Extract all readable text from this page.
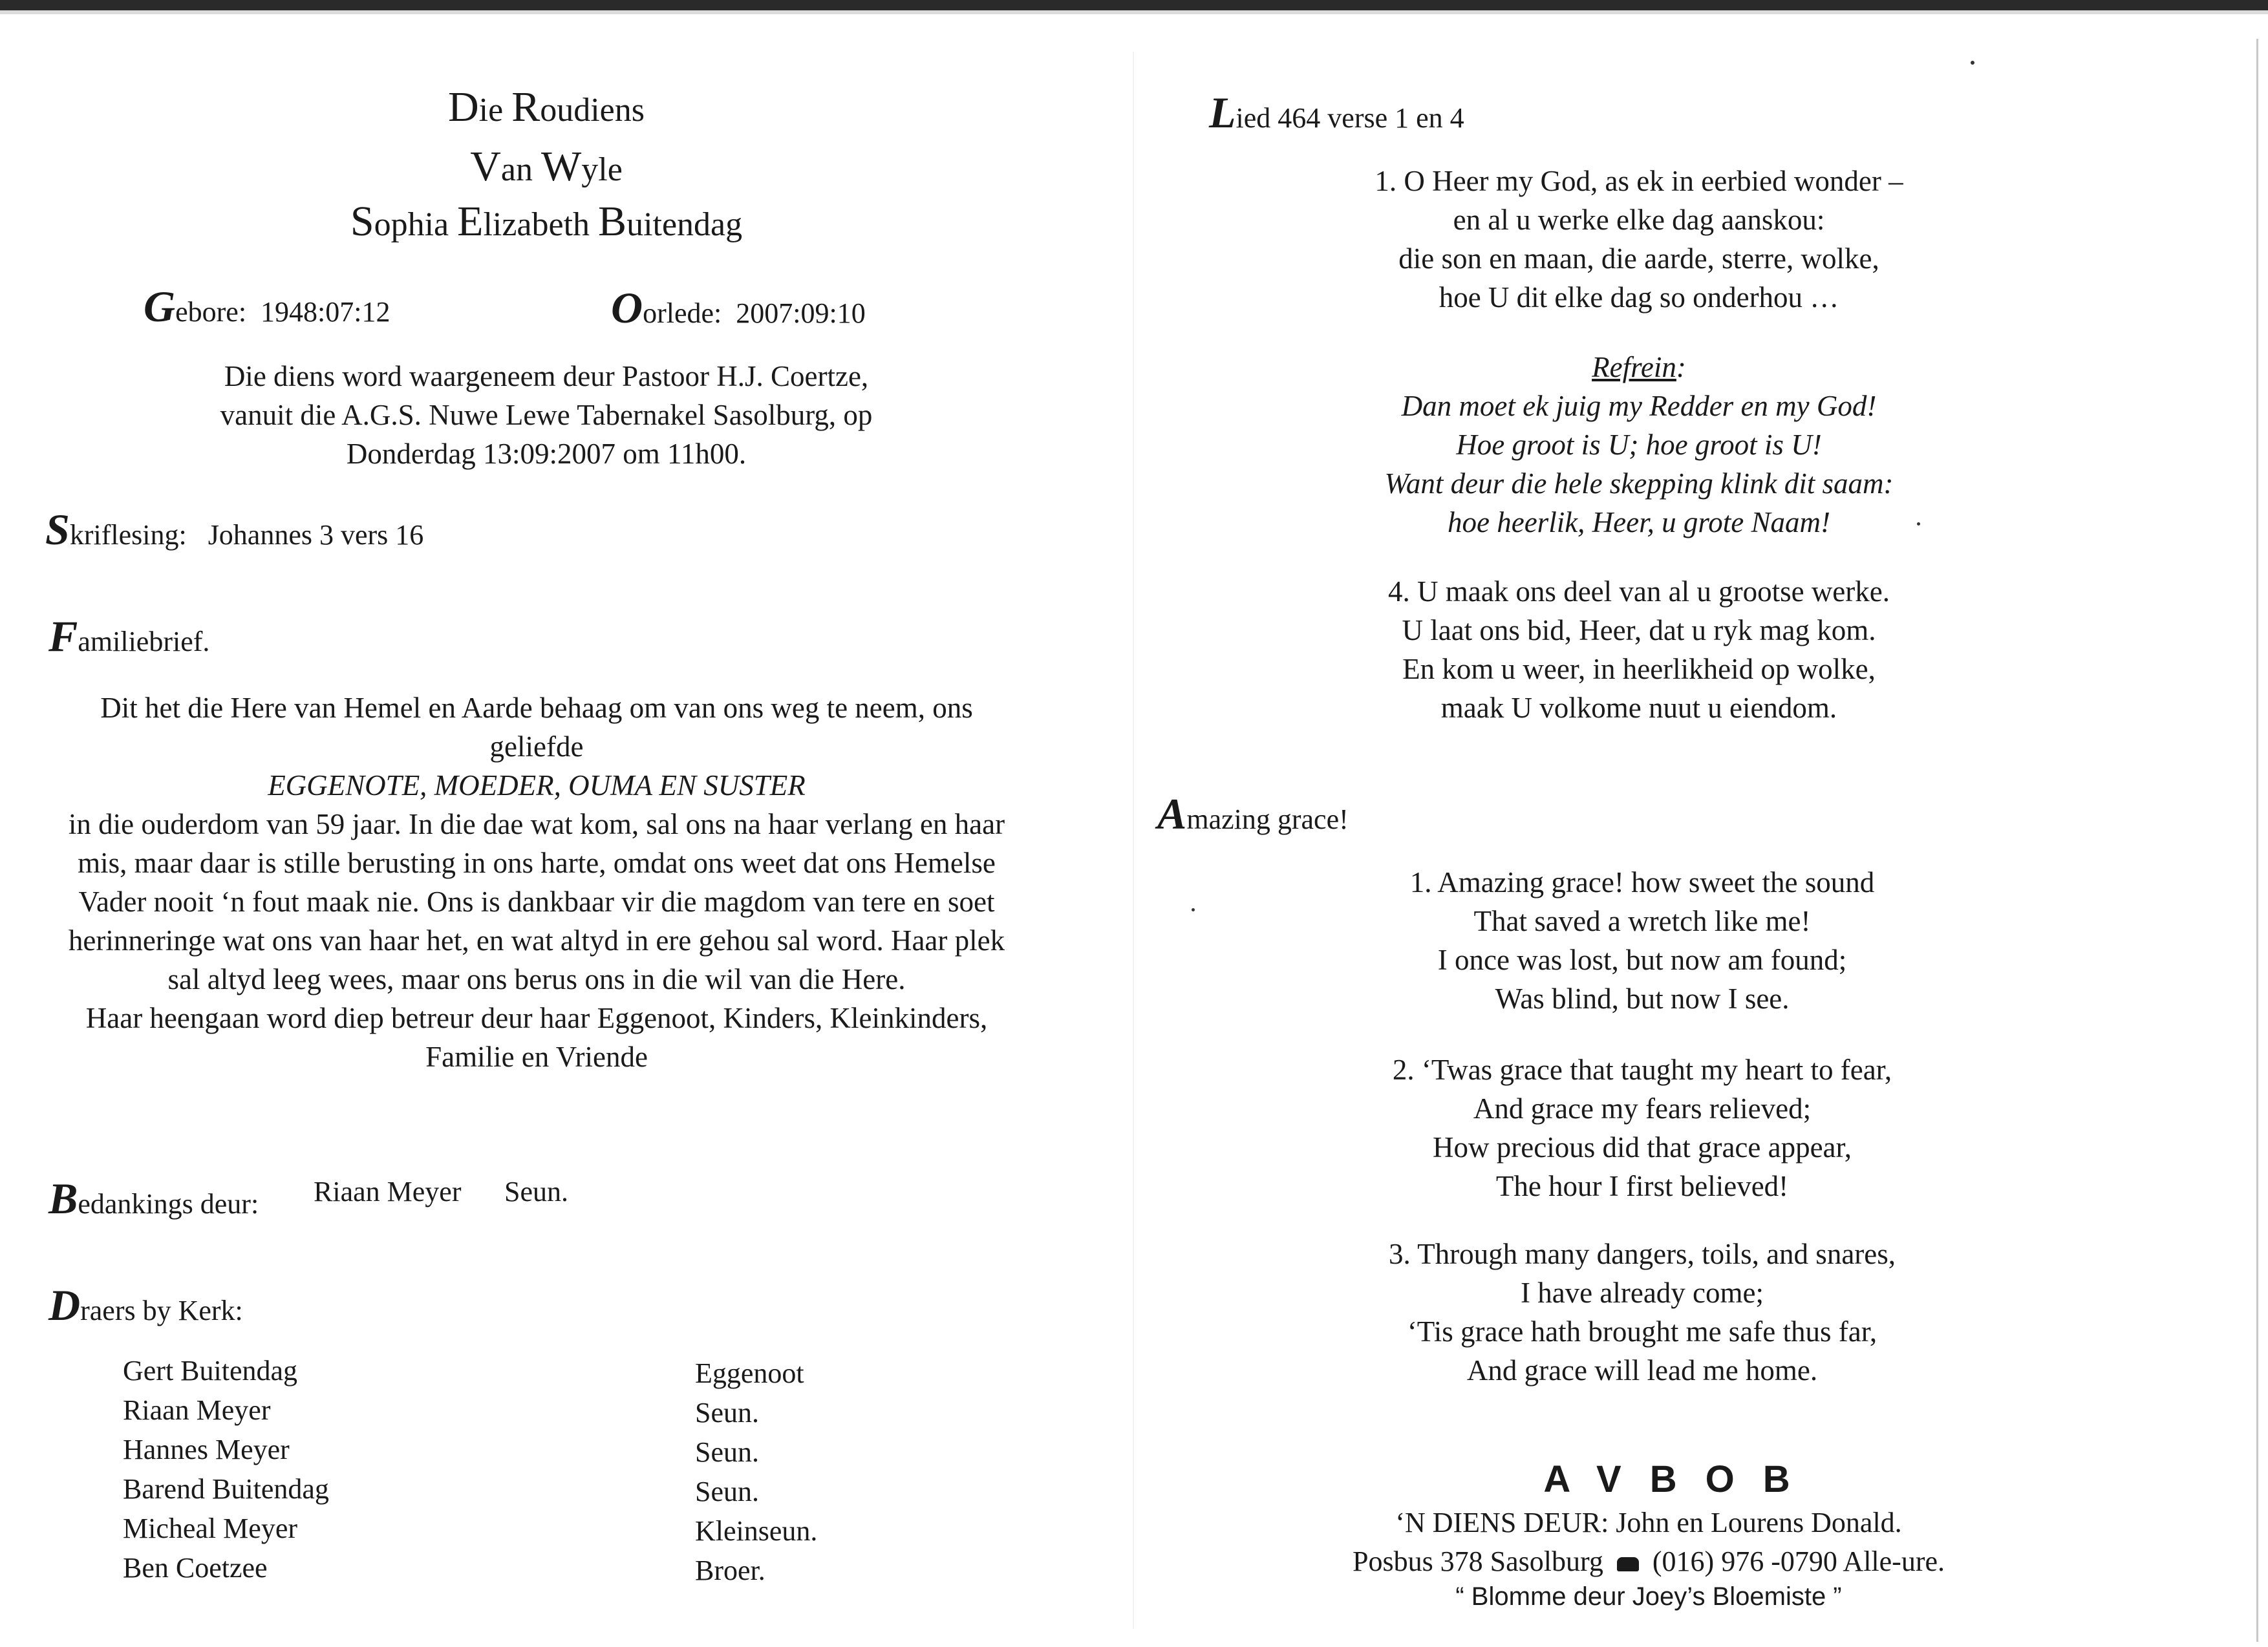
Die Roudiens
Van Wyle
Sophia Elizabeth Buitendag
Gebore: 1948:07:12	Oorlede: 2007:09:10
Die diens word waargeneem deur Pastoor H.J. Coertze,
vanuit die A.G.S. Nuwe Lewe Tabernakel Sasolburg, op
Donderdag 13:09:2007 om 11h00.
Skriflesing: Johannes 3 vers 16
Familiebrief.
Dit het die Here van Hemel en Aarde behaag om van ons weg te neem, ons
geliefde
EGGENOTE, MOEDER, OUMA EN SUSTER
in die ouderdom van 59 jaar. In die dae wat kom, sal ons na haar verlang en haar
mis, maar daar is stille berusting in ons harte, omdat ons weet dat ons Hemelse
Vader nooit ‘n fout maak nie. Ons is dankbaar vir die magdom van tere en soet
herinneringe wat ons van haar het, en wat altyd in ere gehou sal word. Haar plek
sal altyd leeg wees, maar ons berus ons in die wil van die Here.
Haar heengaan word diep betreur deur haar Eggenoot, Kinders, Kleinkinders,
Familie en Vriende
Bedankings deur: Riaan Meyer Seun.
Draers by Kerk:
Gert Buitendag
Riaan Meyer
Hannes Meyer
Barend Buitendag
Micheal Meyer
Ben Coetzee
Eggenoot
Seun.
Seun.
Seun.
Kleinseun.
Broer.
Lied 464 verse 1 en 4
1. O Heer my God, as ek in eerbied wonder –
en al u werke elke dag aanskou:
die son en maan, die aarde, sterre, wolke,
hoe U dit elke dag so onderhou …
Refrein:
Dan moet ek juig my Redder en my God!
Hoe groot is U; hoe groot is U!
Want deur die hele skepping klink dit saam:
hoe heerlik, Heer, u grote Naam!
4. U maak ons deel van al u grootse werke.
U laat ons bid, Heer, dat u ryk mag kom.
En kom u weer, in heerlikheid op wolke,
maak U volkome nuut u eiendom.
Amazing grace!
1. Amazing grace! how sweet the sound
That saved a wretch like me!
I once was lost, but now am found;
Was blind, but now I see.
2. ‘Twas grace that taught my heart to fear,
And grace my fears relieved;
How precious did that grace appear,
The hour I first believed!
3. Through many dangers, toils, and snares,
I have already come;
‘Tis grace hath brought me safe thus far,
And grace will lead me home.
AVBOB
‘N DIENS DEUR: John en Lourens Donald.
Posbus 378 Sasolburg (016) 976 -0790 Alle-ure.
“ Blomme deur Joey’s Bloemiste ”
